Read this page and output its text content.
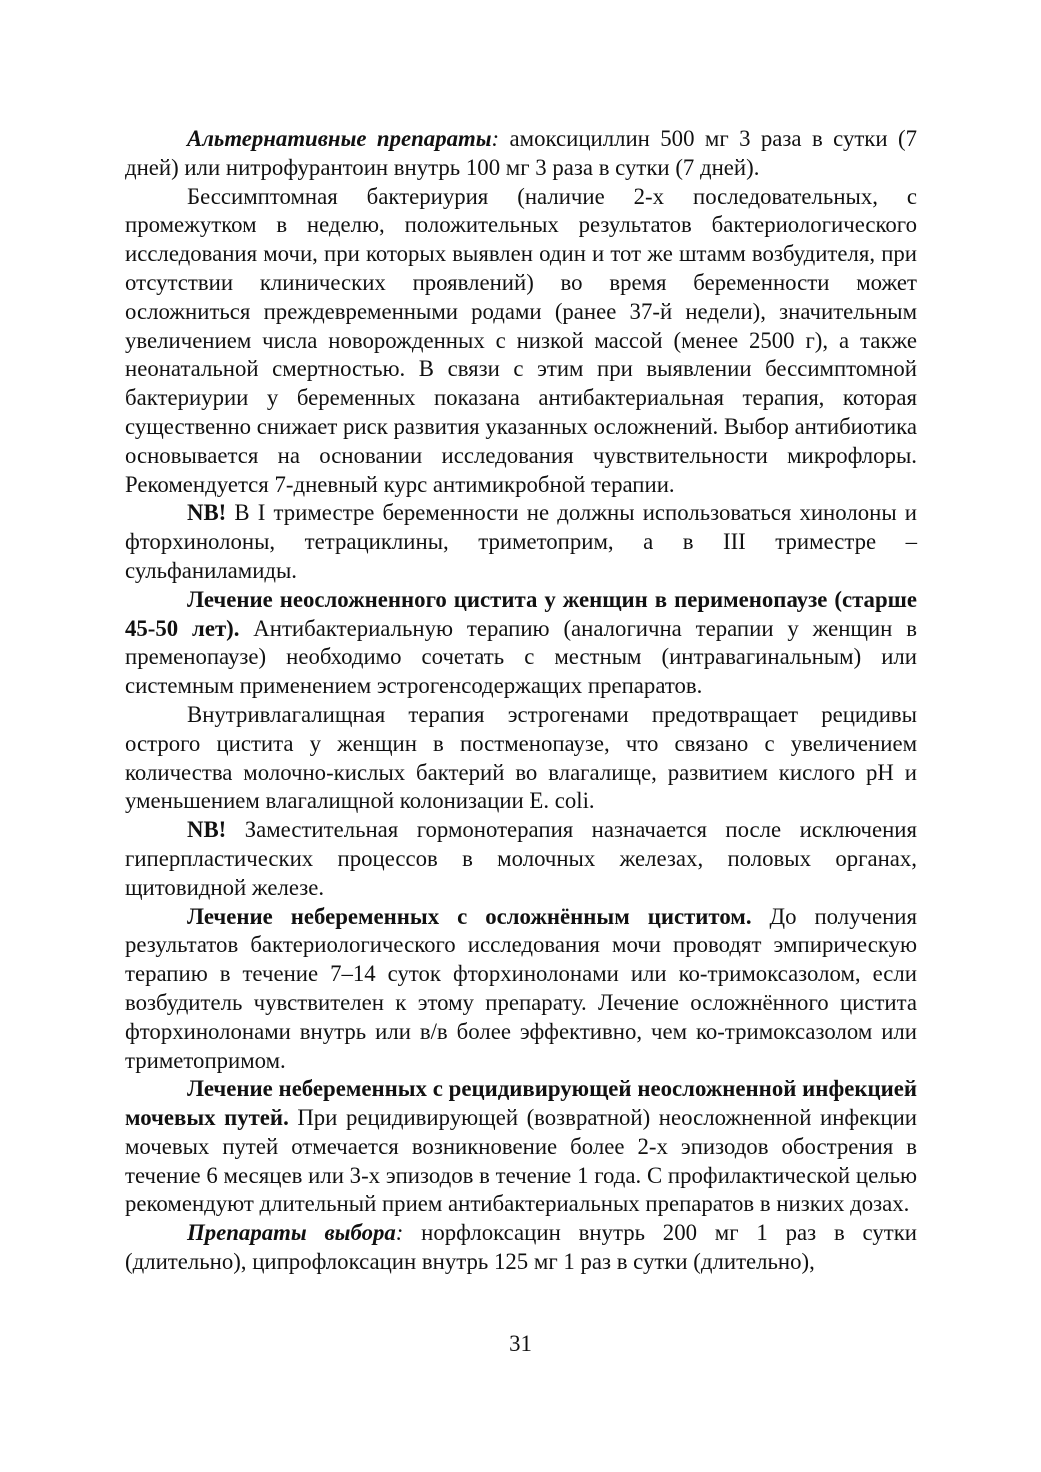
Альтернативные препараты: амоксициллин 500 мг 3 раза в сутки (7 дней) или нитрофурантоин внутрь 100 мг 3 раза в сутки (7 дней).

Бессимптомная бактериурия (наличие 2-х последовательных, с промежутком в неделю, положительных результатов бактериологического исследования мочи, при которых выявлен один и тот же штамм возбудителя, при отсутствии клинических проявлений) во время беременности может осложниться преждевременными родами (ранее 37-й недели), значительным увеличением числа новорожденных с низкой массой (менее 2500 г), а также неонатальной смертностью. В связи с этим при выявлении бессимптомной бактериурии у беременных показана антибактериальная терапия, которая существенно снижает риск развития указанных осложнений. Выбор антибиотика основывается на основании исследования чувствительности микрофлоры. Рекомендуется 7-дневный курс антимикробной терапии.

NB! В I триместре беременности не должны использоваться хинолоны и фторхинолоны, тетрациклины, триметоприм, а в III триместре – сульфаниламиды.

Лечение неосложненного цистита у женщин в перименопаузе (старше 45-50 лет). Антибактериальную терапию (аналогична терапии у женщин в пременопаузе) необходимо сочетать с местным (интравагинальным) или системным применением эстрогенсодержащих препаратов.

Внутривлагалищная терапия эстрогенами предотвращает рецидивы острого цистита у женщин в постменопаузе, что связано с увеличением количества молочно-кислых бактерий во влагалище, развитием кислого pH и уменьшением влагалищной колонизации E. coli.

NB! Заместительная гормонотерапия назначается после исключения гиперпластических процессов в молочных железах, половых органах, щитовидной железе.

Лечение небеременных с осложнённым циститом. До получения результатов бактериологического исследования мочи проводят эмпирическую терапию в течение 7–14 суток фторхинолонами или ко-тримоксазолом, если возбудитель чувствителен к этому препарату. Лечение осложнённого цистита фторхинолонами внутрь или в/в более эффективно, чем ко-тримоксазолом или триметопримом.

Лечение небеременных с рецидивирующей неосложненной инфекцией мочевых путей. При рецидивирующей (возвратной) неосложненной инфекции мочевых путей отмечается возникновение более 2-х эпизодов обострения в течение 6 месяцев или 3-х эпизодов в течение 1 года. С профилактической целью рекомендуют длительный прием антибактериальных препаратов в низких дозах.

Препараты выбора: норфлоксацин внутрь 200 мг 1 раз в сутки (длительно), ципрофлоксацин внутрь 125 мг 1 раз в сутки (длительно),

31
